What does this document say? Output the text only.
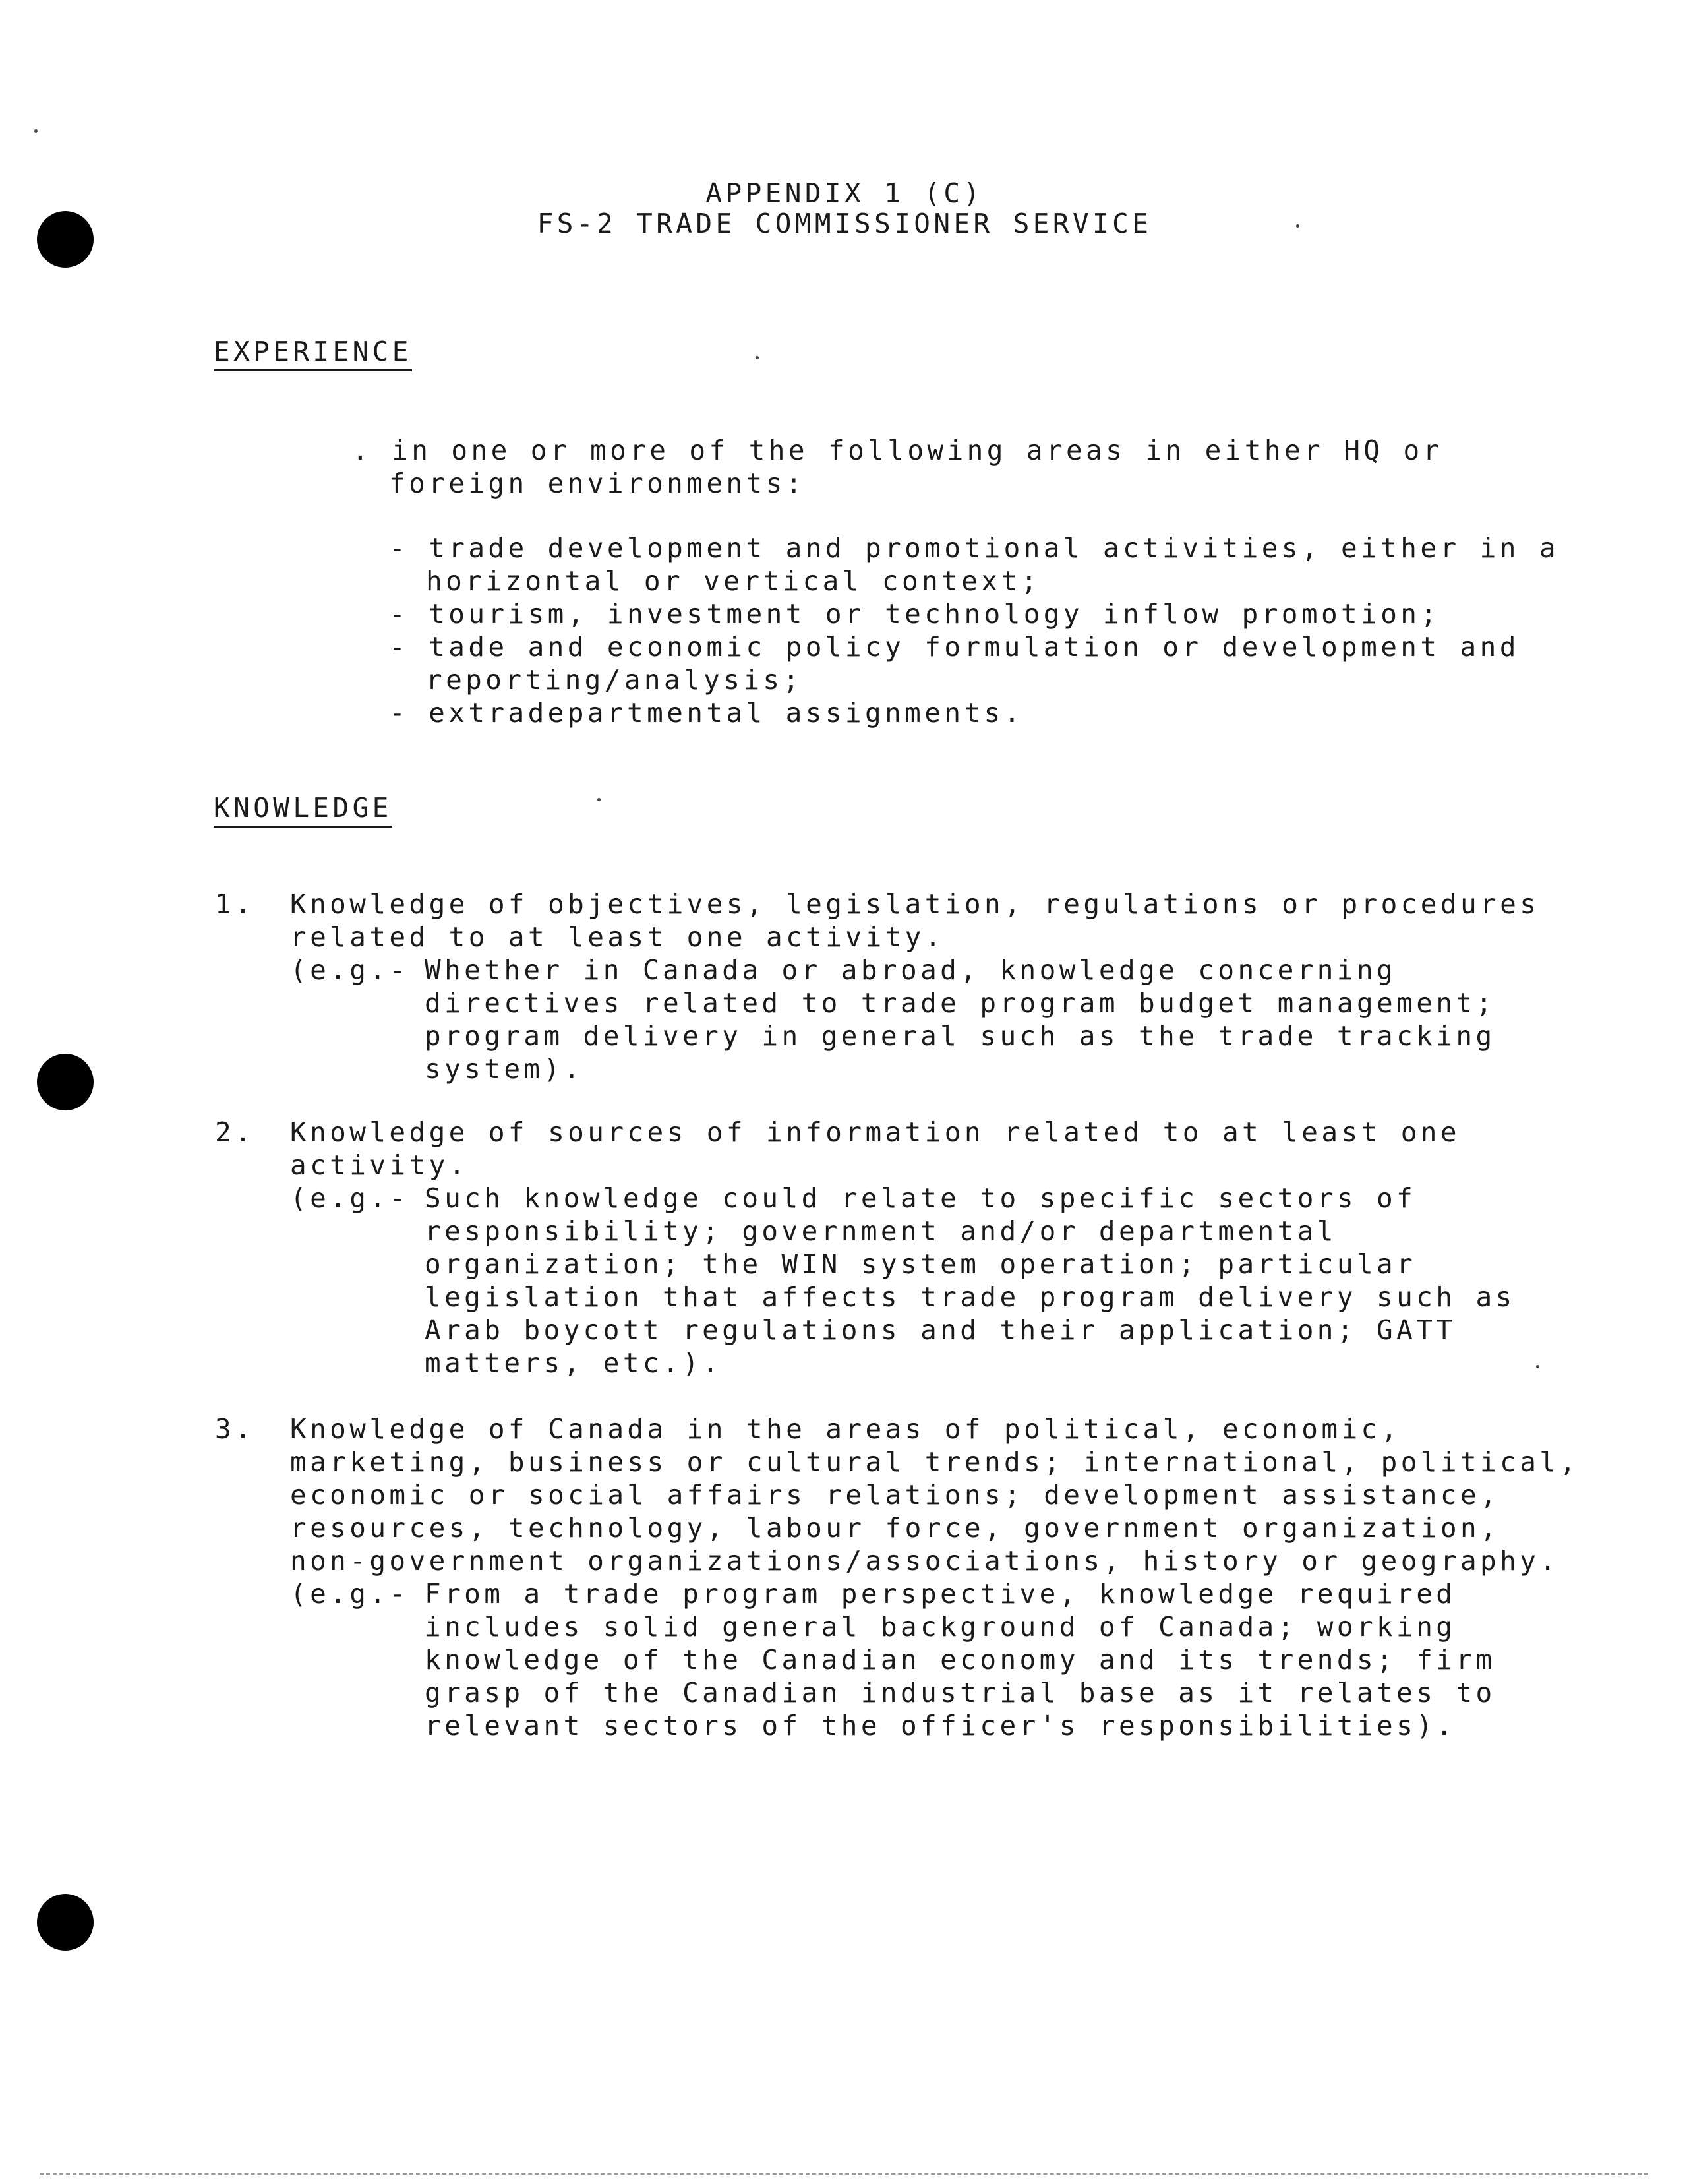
APPENDIX 1 (C)
FS-2 TRADE COMMISSIONER SERVICE
EXPERIENCE
. in one or more of the following areas in either HQ or
foreign environments:
- trade development and promotional activities, either in a
horizontal or vertical context;
- tourism, investment or technology inflow promotion;
- tade and economic policy formulation or development and
reporting/analysis;
- extradepartmental assignments.
KNOWLEDGE
1. Knowledge of objectives, legislation, regulations or procedures
related to at least one activity.
(e.g.- Whether in Canada or abroad, knowledge concerning
directives related to trade program budget management;
program delivery in general such as the trade tracking
system).
2. Knowledge of sources of information related to at least one
activity.
(e.g.- Such knowledge could relate to specific sectors of
responsibility; government and/or departmental
organization; the WIN system operation; particular
legislation that affects trade program delivery such as
Arab boycott regulations and their application; GATT
matters, etc.).
3. Knowledge of Canada in the areas of political, economic,
marketing, business or cultural trends; international, political,
economic or social affairs relations; development assistance,
resources, technology, labour force, government organization,
non-government organizations/associations, history or geography.
(e.g.- From a trade program perspective, knowledge required
includes solid general background of Canada; working
knowledge of the Canadian economy and its trends; firm
grasp of the Canadian industrial base as it relates to
relevant sectors of the officer's responsibilities).
